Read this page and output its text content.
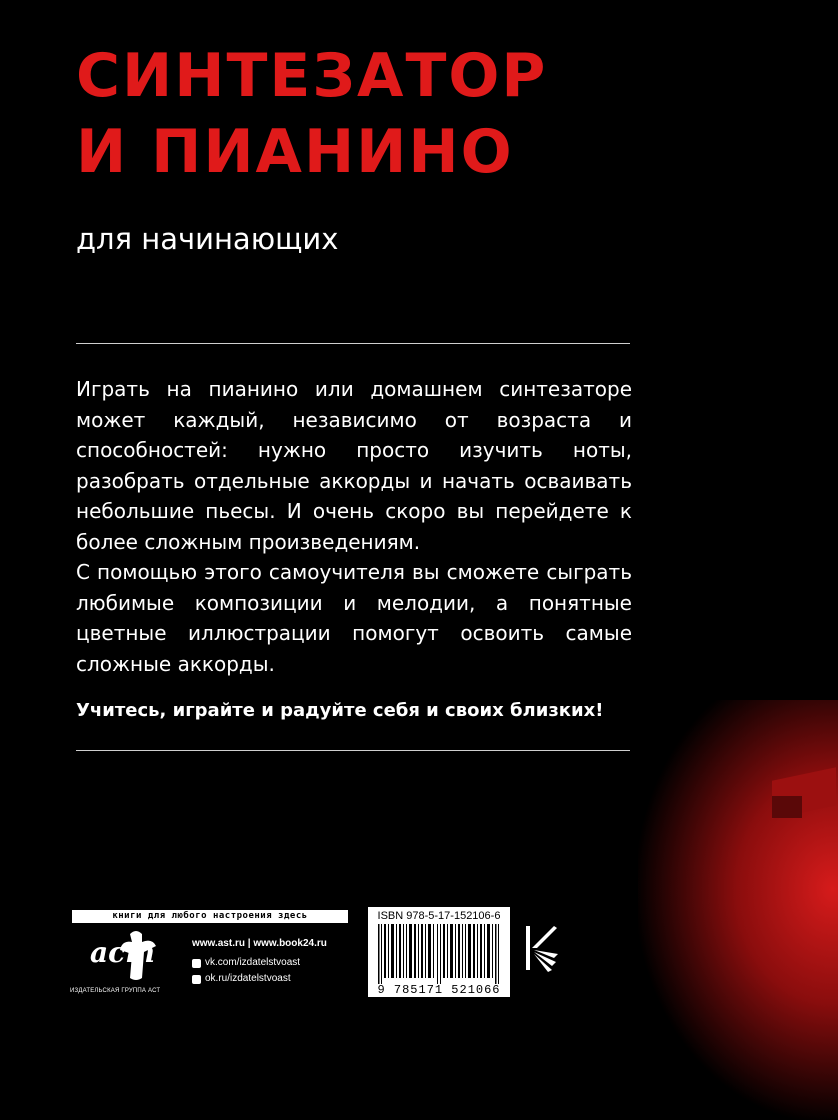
СИНТЕЗАТОР
И ПИАНИНО

для начинающих

Играть на пианино или домашнем синтезаторе может каждый, независимо от возраста и способностей: нужно просто изучить ноты, разобрать отдельные аккорды и начать осваивать небольшие пьесы. И очень скоро вы перейдете к более сложным произведениям.

С помощью этого самоучителя вы сможете сыграть любимые композиции и мелодии, а понятные цветные иллюстрации помогут освоить самые сложные аккорды.

Учитесь, играйте и радуйте себя и своих близких!

книги для любого настроения здесь
аст
ИЗДАТЕЛЬСКАЯ ГРУППА АСТ
www.ast.ru | www.book24.ru
vk.com/izdatelstvoast
ok.ru/izdatelstvoast
ISBN 978-5-17-152106-6
9 785171 521066
